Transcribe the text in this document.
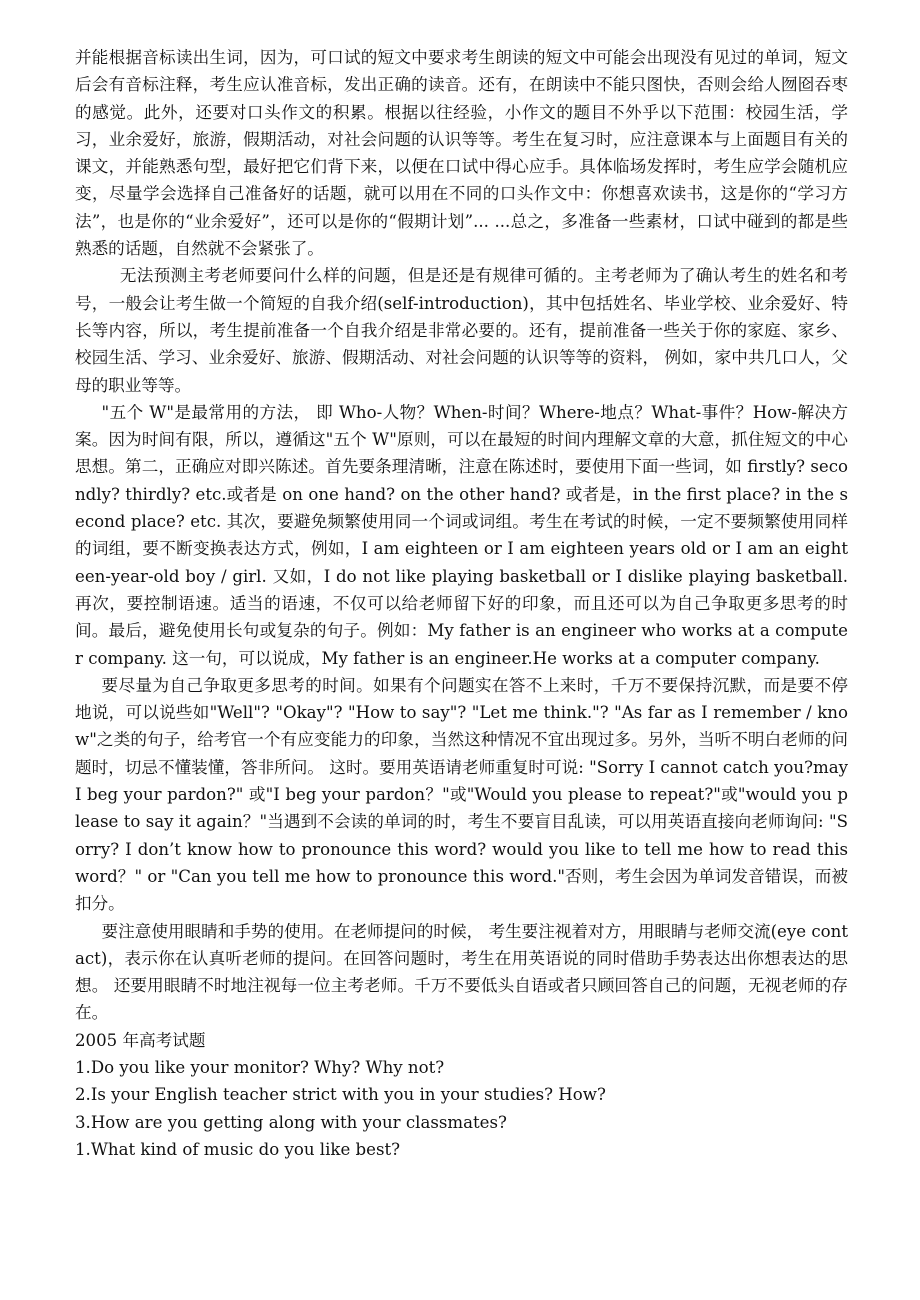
并能根据音标读出生词，因为，可口试的短文中要求考生朗读的短文中可能会出现没有见过的单词，短文后会有音标注释，考生应认准音标，发出正确的读音。还有，在朗读中不能只图快，否则会给人囫囵吞枣的感觉。此外，还要对口头作文的积累。根据以往经验，小作文的题目不外乎以下范围：校园生活，学习，业余爱好，旅游，假期活动，对社会问题的认识等等。考生在复习时，应注意课本与上面题目有关的课文，并能熟悉句型，最好把它们背下来，以便在口试中得心应手。具体临场发挥时，考生应学会随机应变，尽量学会选择自己准备好的话题，就可以用在不同的口头作文中：你想喜欢读书，这是你的“学习方法”，也是你的“业余爱好”，还可以是你的“假期计划”... ...总之，多准备一些素材，口试中碰到的都是些熟悉的话题，自然就不会紧张了。

无法预测主考老师要问什么样的问题，但是还是有规律可循的。主考老师为了确认考生的姓名和考号，一般会让考生做一个简短的自我介绍(self-introduction)，其中包括姓名、毕业学校、业余爱好、特长等内容，所以，考生提前准备一个自我介绍是非常必要的。还有，提前准备一些关于你的家庭、家乡、校园生活、学习、业余爱好、旅游、假期活动、对社会问题的认识等等的资料， 例如，家中共几口人，父母的职业等等。

"五个 W"是最常用的方法， 即 Who-人物？When-时间？Where-地点？What-事件？How-解决方案。因为时间有限，所以，遵循这"五个 W"原则，可以在最短的时间内理解文章的大意，抓住短文的中心思想。第二，正确应对即兴陈述。首先要条理清晰，注意在陈述时，要使用下面一些词，如 firstly? secondly? thirdly? etc.或者是 on one hand? on the other hand? 或者是，in the first place? in the second place? etc. 其次，要避免频繁使用同一个词或词组。考生在考试的时候，一定不要频繁使用同样的词组，要不断变换表达方式，例如，I am eighteen or I am eighteen years old or I am an eighteen-year-old boy / girl. 又如，I do not like playing basketball or I dislike playing basketball.再次，要控制语速。适当的语速，不仅可以给老师留下好的印象，而且还可以为自己争取更多思考的时间。最后，避免使用长句或复杂的句子。例如：My father is an engineer who works at a computer company. 这一句，可以说成，My father is an engineer.He works at a computer company.

要尽量为自己争取更多思考的时间。如果有个问题实在答不上来时，千万不要保持沉默，而是要不停地说，可以说些如"Well"? "Okay"? "How to say"? "Let me think."? "As far as I remember / know"之类的句子，给考官一个有应变能力的印象，当然这种情况不宜出现过多。另外，当听不明白老师的问题时，切忌不懂装懂，答非所问。 这时。要用英语请老师重复时可说: "Sorry I cannot catch you?may I beg your pardon?" 或"I beg your pardon？"或"Would you please to repeat?"或"would you please to say it again？"当遇到不会读的单词的时，考生不要盲目乱读，可以用英语直接向老师询问: "Sorry? I don’t know how to pronounce this word? would you like to tell me how to read this word？" or "Can you tell me how to pronounce this word."否则，考生会因为单词发音错误，而被扣分。

要注意使用眼睛和手势的使用。在老师提问的时候， 考生要注视着对方，用眼睛与老师交流(eye contact)，表示你在认真听老师的提问。在回答问题时，考生在用英语说的同时借助手势表达出你想表达的思想。 还要用眼睛不时地注视每一位主考老师。千万不要低头自语或者只顾回答自己的问题，无视老师的存在。

2005 年高考试题

1.Do you like your monitor? Why? Why not?

2.Is your English teacher strict with you in your studies? How?

3.How are you getting along with your classmates?

1.What kind of music do you like best?
